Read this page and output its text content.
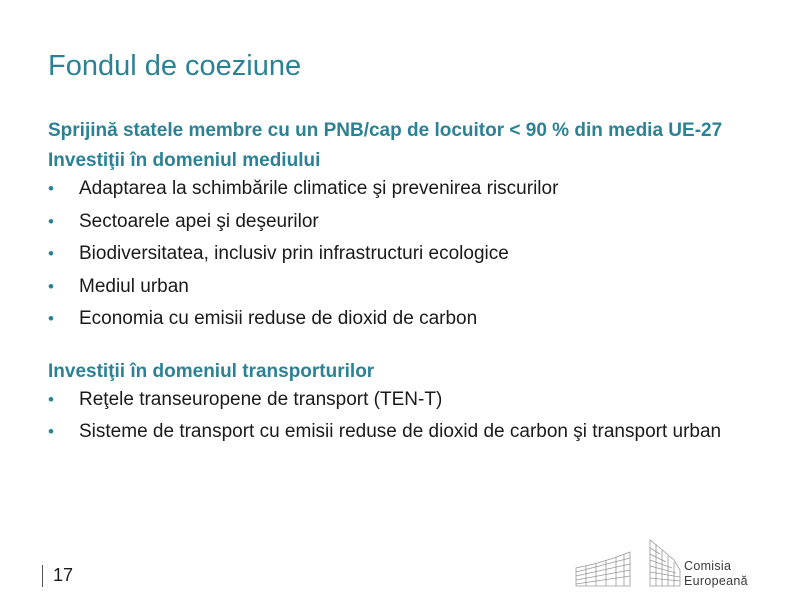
Fondul de coeziune

Sprijină statele membre cu un PNB/cap de locuitor < 90 % din media UE-27

Investiţii în domeniul mediului

• Adaptarea la schimbările climatice şi prevenirea riscurilor
• Sectoarele apei şi deşeurilor
• Biodiversitatea, inclusiv prin infrastructuri ecologice
• Mediul urban
• Economia cu emisii reduse de dioxid de carbon

Investiţii în domeniul transporturilor

• Reţele transeuropene de transport (TEN-T)
• Sisteme de transport cu emisii reduse de dioxid de carbon şi transport urban
17	Comisia
Europeană
